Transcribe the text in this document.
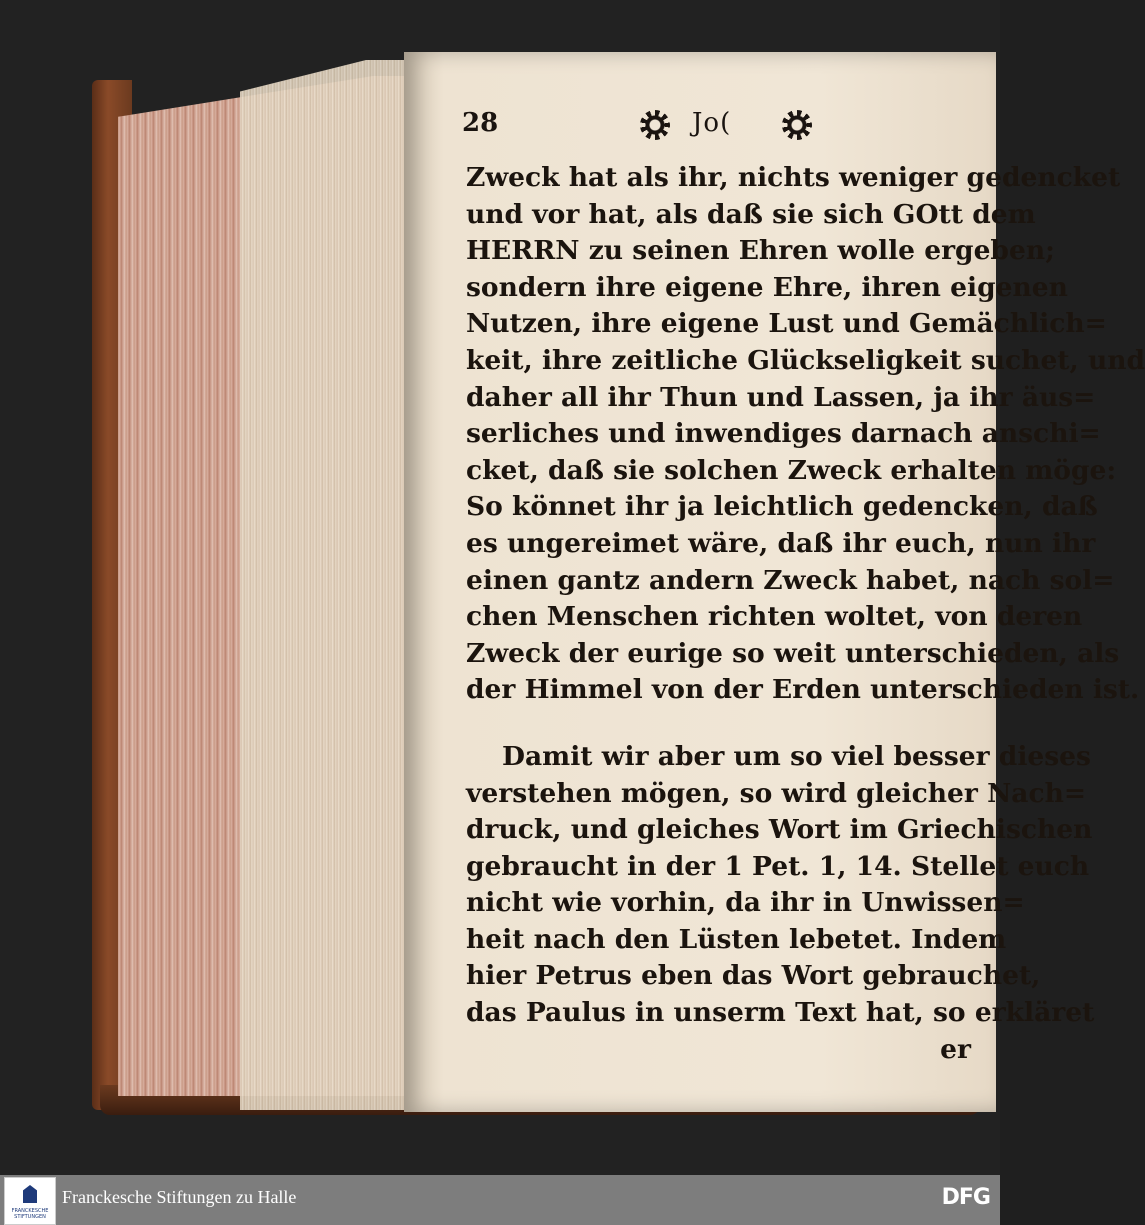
28	Jo(
Zweck hat als ihr, nichts weniger gedencket
und vor hat, als daß sie sich GOtt dem
HERRN zu seinen Ehren wolle ergeben;
sondern ihre eigene Ehre, ihren eigenen
Nutzen, ihre eigene Lust und Gemächlich=
keit, ihre zeitliche Glückseligkeit suchet, und
daher all ihr Thun und Lassen, ja ihr äus=
serliches und inwendiges darnach anschi=
cket, daß sie solchen Zweck erhalten möge:
So könnet ihr ja leichtlich gedencken, daß
es ungereimet wäre, daß ihr euch, nun ihr
einen gantz andern Zweck habet, nach sol=
chen Menschen richten woltet, von deren
Zweck der eurige so weit unterschieden, als
der Himmel von der Erden unterschieden ist.
Damit wir aber um so viel besser dieses
verstehen mögen, so wird gleicher Nach=
druck, und gleiches Wort im Griechischen
gebraucht in der 1 Pet. 1, 14. Stellet euch
nicht wie vorhin, da ihr in Unwissen=
heit nach den Lüsten lebetet. Indem
hier Petrus eben das Wort gebrauchet,
das Paulus in unserm Text hat, so erkläret
er
FRANCKESCHE STIFTUNGEN
Franckesche Stiftungen zu Halle	DFG
